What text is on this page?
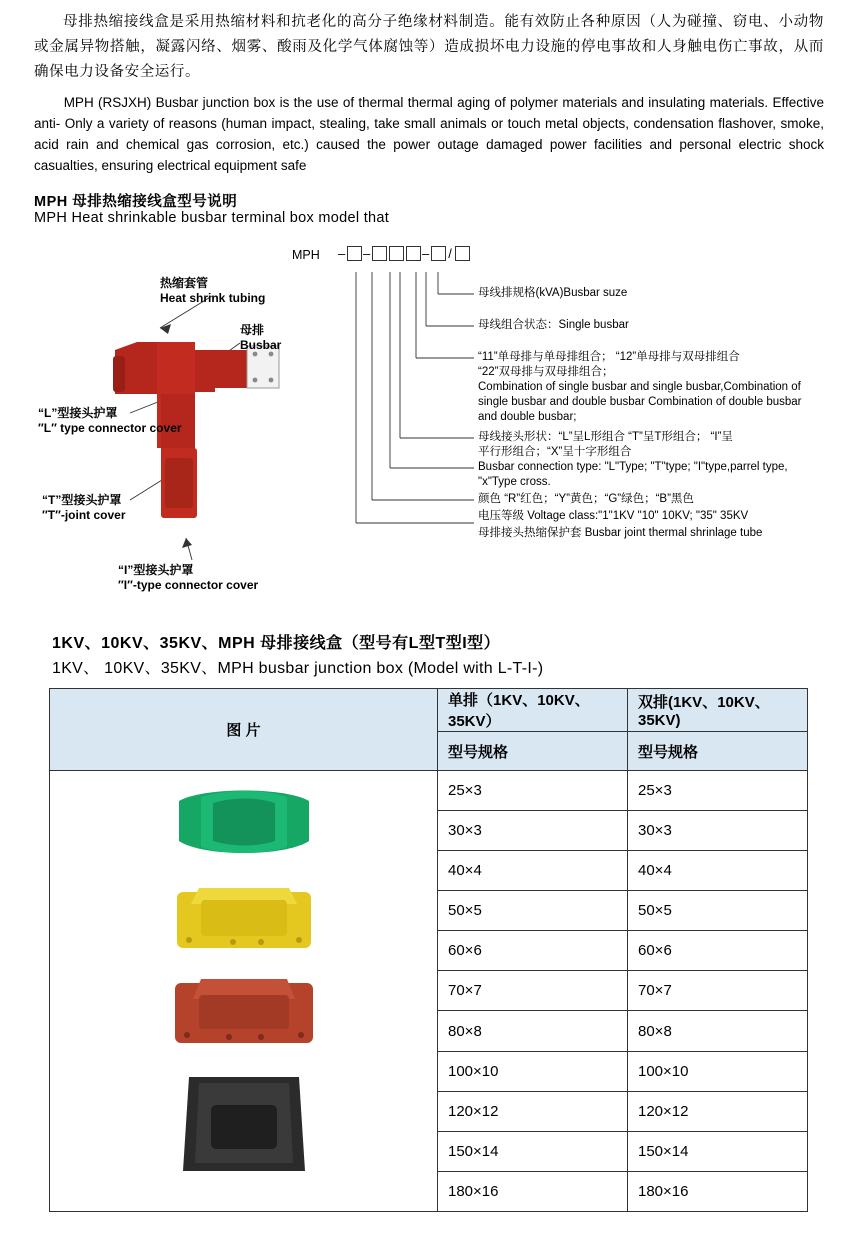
母排热缩接线盒是采用热缩材料和抗老化的高分子绝缘材料制造。能有效防止各种原因（人为碰撞、窃电、小动物或金属异物搭触，凝露闪络、烟雾、酸雨及化学气体腐蚀等）造成损坏电力设施的停电事故和人身触电伤亡事故，从而确保电力设备安全运行。
MPH (RSJXH) Busbar junction box is the use of thermal thermal aging of polymer materials and insulating materials. Effective anti- Only a variety of reasons (human impact, stealing, take small animals or touch metal objects, condensation flashover, smoke, acid rain and chemical gas corrosion, etc.) caused the power outage damaged power facilities and personal electric shock casualties, ensuring electrical equipment safe
MPH 母排热缩接线盒型号说明
MPH Heat shrinkable busbar terminal box model that
热缩套管
Heat shrink tubing
母排
Busbar
“L”型接头护罩
″L″ type connector cover
“T”型接头护罩
″T″-joint cover
“I”型接头护罩
″I″-type connector cover
母线排规格(kVA)Busbar suze
母线组合状态：Single busbar
“11”单母排与单母排组合； “12”单母排与双母排组合
“22”双母排与双母排组合；
Combination of single busbar and single busbar,Combination of
single busbar and double busbar Combination of double busbar
and double busbar;
母线接头形状：“L”呈L形组合 “T”呈T形组合； “I”呈
平行形组合；“X”呈十字形组合
Busbar connection type: "L"Type; "T"type; "I"type,parrel type,
"x"Type cross.
颜色 “R”红色；“Y”黄色；“G”绿色；“B”黑色
电压等级 Voltage class:"1"1KV "10" 10KV; "35" 35KV
母排接头热缩保护套 Busbar joint thermal shrinlage tube
MPH – –	– /
1KV、10KV、35KV、MPH 母排接线盒（型号有L型T型I型）
1KV、 10KV、35KV、MPH busbar junction box (Model with L-T-I-)
图 片	单排（1KV、10KV、35KV）	双排(1KV、10KV、35KV)
	型号规格	型号规格

	25×3	25×3
	30×3	30×3
	40×4	40×4
	50×5	50×5
	60×6	60×6
	70×7	70×7
	80×8	80×8
	100×10	100×10
	120×12	120×12
	150×14	150×14
	180×16	180×16
